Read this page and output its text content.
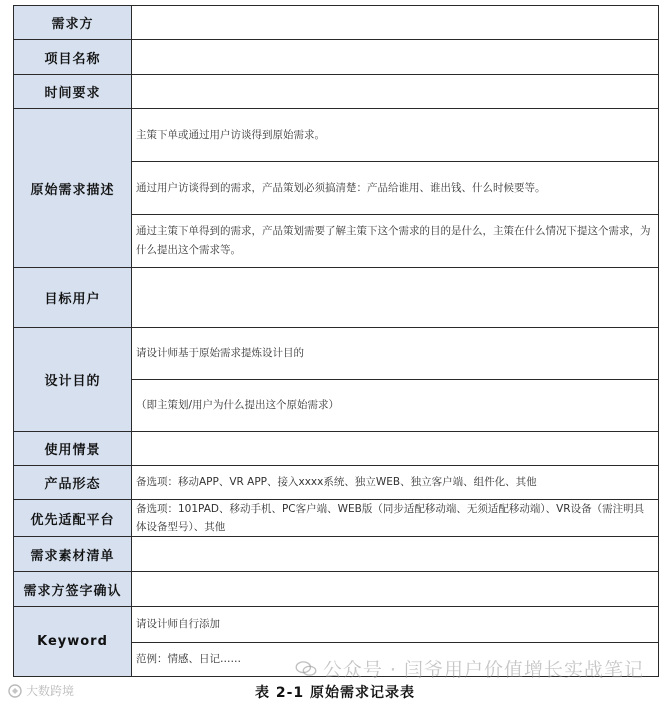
需求方	
项目名称	
时间要求	
原始需求描述	主策下单或通过用户访谈得到原始需求。
	通过用户访谈得到的需求，产品策划必须搞清楚：产品给谁用、谁出钱、什么时候要等。
	通过主策下单得到的需求，产品策划需要了解主策下这个需求的目的是什么，主策在什么情况下提这个需求，为什么提出这个需求等。
目标用户	
设计目的	请设计师基于原始需求提炼设计目的
	（即主策划/用户为什么提出这个原始需求）
使用情景	
产品形态	备选项：移动APP、VR APP、接入xxxx系统、独立WEB、独立客户端、组件化、其他
优先适配平台	备选项：101PAD、移动手机、PC客户端、WEB版（同步适配移动端、无须适配移动端）、VR设备（需注明具体设备型号）、其他
需求素材清单	
需求方签字确认	
Keyword	请设计师自行添加
	范例：情感、日记……	公众号 · 闫爷用户价值增长实战笔记
大数跨境	表 2-1 原始需求记录表
